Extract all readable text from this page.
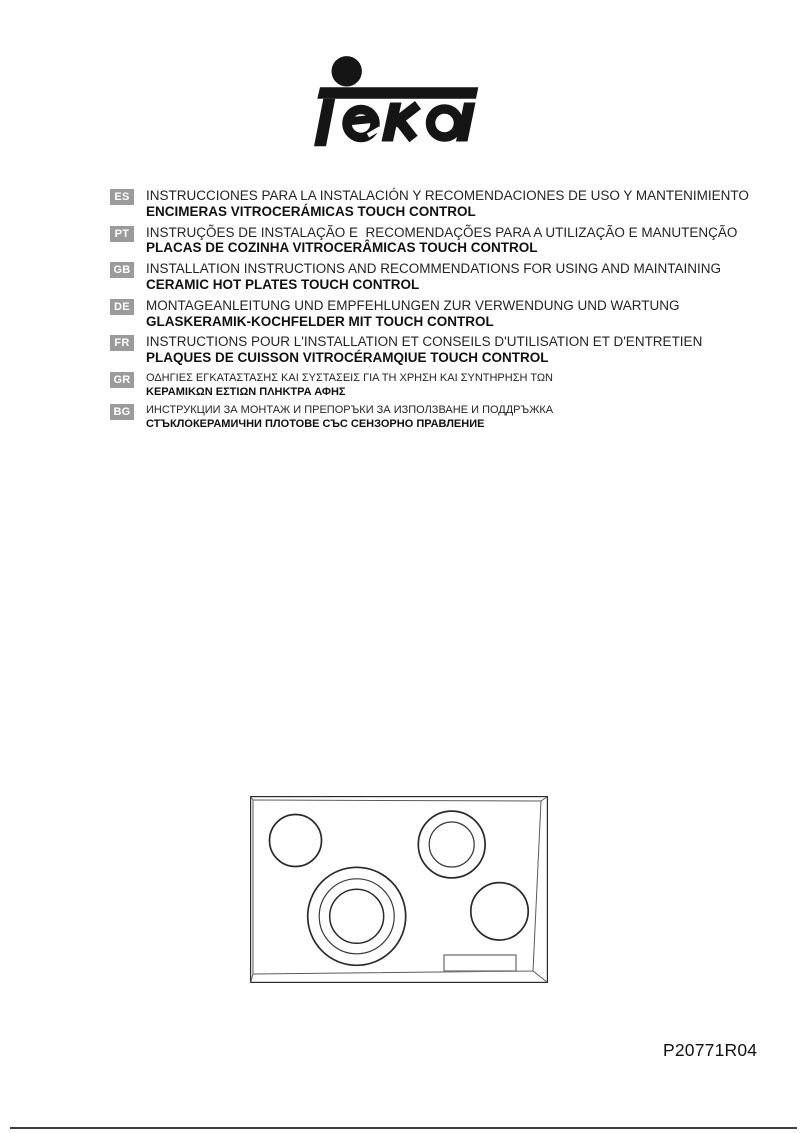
ES	INSTRUCCIONES PARA LA INSTALACIÓN Y RECOMENDACIONES DE USO Y MANTENIMIENTO
ENCIMERAS VITROCERÁMICAS TOUCH CONTROL
PT	INSTRUÇÕES DE INSTALAÇÃO E  RECOMENDAÇÕES PARA A UTILIZAÇÃO E MANUTENÇÃO
PLACAS DE COZINHA VITROCERÂMICAS TOUCH CONTROL
GB INSTALLATION INSTRUCTIONS AND RECOMMENDATIONS FOR USING AND MAINTAINING
CERAMIC HOT PLATES TOUCH CONTROL
DE	MONTAGEANLEITUNG UND EMPFEHLUNGEN ZUR VERWENDUNG UND WARTUNG
GLASKERAMIK-KOCHFELDER MIT TOUCH CONTROL
FR	INSTRUCTIONS POUR L'INSTALLATION ET CONSEILS D'UTILISATION ET D'ENTRETIEN
PLAQUES DE CUISSON VITROCÉRAMQIUE TOUCH CONTROL
GR	ΟΔΗΓΙΕΣ ΕΓΚΑΤΑΣΤΑΣΗΣ ΚΑΙ ΣΥΣΤΑΣΕΙΣ ΓΙΑ ΤΗ ΧΡΗΣΗ ΚΑΙ ΣΥΝΤΗΡΗΣΗ ΤΩΝ
ΚΕΡΑΜΙΚΩΝ ΕΣΤΙΩΝ ΠΛΗΚΤΡΑ ΑΦΗΣ
BG	ИНСТРУКЦИИ ЗА МОНТАЖ И ПРЕПОРЪКИ ЗА ИЗПОЛЗВАНЕ И ПОДДРЪЖКА
СТЪКЛОКЕРАМИЧНИ ПЛОТОВЕ СЪС СЕНЗОРНО ПРАВЛЕНИЕ
P20771R04
